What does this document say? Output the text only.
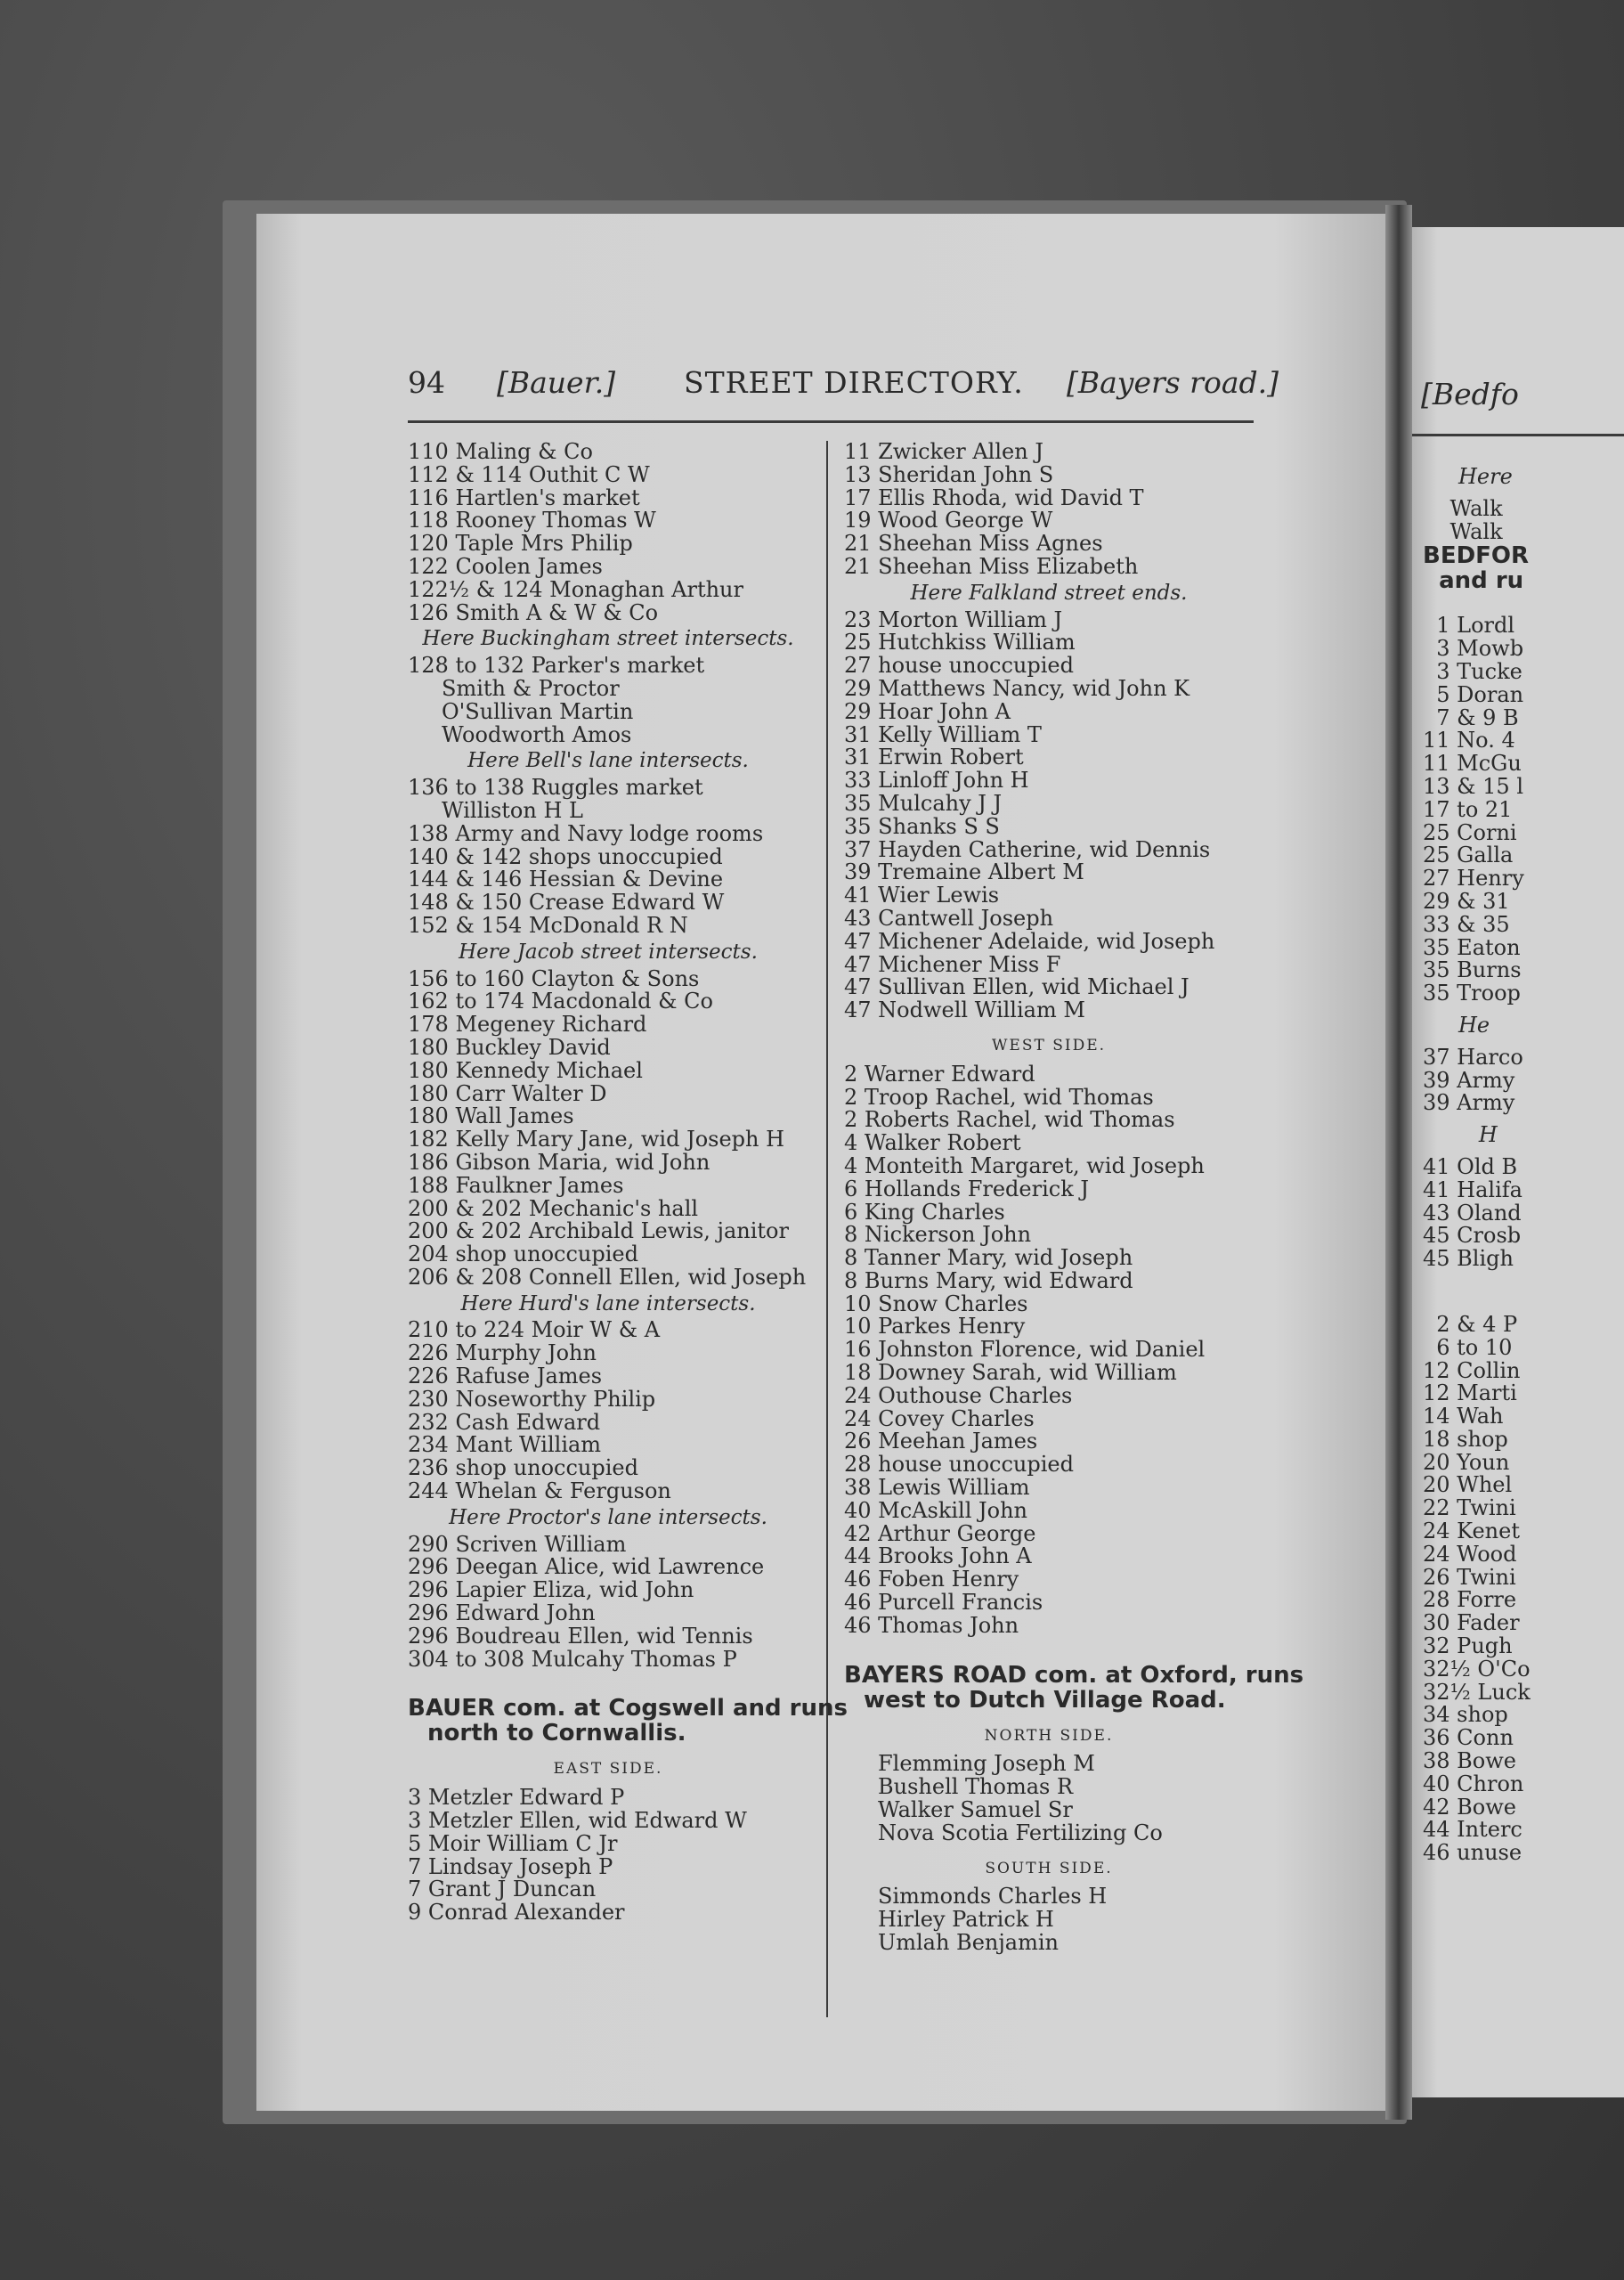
94 [Bauer.] STREET DIRECTORY. [Bayers road.]
110 Maling & Co
112 & 114 Outhit C W
116 Hartlen's market
118 Rooney Thomas W
120 Taple Mrs Philip
122 Coolen James
122½ & 124 Monaghan Arthur
126 Smith A & W & Co
Here Buckingham street intersects.
128 to 132 Parker's market
Smith & Proctor
O'Sullivan Martin
Woodworth Amos
Here Bell's lane intersects.
136 to 138 Ruggles market
Williston H L
138 Army and Navy lodge rooms
140 & 142 shops unoccupied
144 & 146 Hessian & Devine
148 & 150 Crease Edward W
152 & 154 McDonald R N
Here Jacob street intersects.
156 to 160 Clayton & Sons
162 to 174 Macdonald & Co
178 Megeney Richard
180 Buckley David
180 Kennedy Michael
180 Carr Walter D
180 Wall James
182 Kelly Mary Jane, wid Joseph H
186 Gibson Maria, wid John
188 Faulkner James
200 & 202 Mechanic's hall
200 & 202 Archibald Lewis, janitor
204 shop unoccupied
206 & 208 Connell Ellen, wid Joseph
Here Hurd's lane intersects.
210 to 224 Moir W & A
226 Murphy John
226 Rafuse James
230 Noseworthy Philip
232 Cash Edward
234 Mant William
236 shop unoccupied
244 Whelan & Ferguson
Here Proctor's lane intersects.
290 Scriven William
296 Deegan Alice, wid Lawrence
296 Lapier Eliza, wid John
296 Edward John
296 Boudreau Ellen, wid Tennis
304 to 308 Mulcahy Thomas P
BAUER com. at Cogswell and runs
north to Cornwallis.
EAST SIDE.
3 Metzler Edward P
3 Metzler Ellen, wid Edward W
5 Moir William C Jr
7 Lindsay Joseph P
7 Grant J Duncan
9 Conrad Alexander
11 Zwicker Allen J
13 Sheridan John S
17 Ellis Rhoda, wid David T
19 Wood George W
21 Sheehan Miss Agnes
21 Sheehan Miss Elizabeth
Here Falkland street ends.
23 Morton William J
25 Hutchkiss William
27 house unoccupied
29 Matthews Nancy, wid John K
29 Hoar John A
31 Kelly William T
31 Erwin Robert
33 Linloff John H
35 Mulcahy J J
35 Shanks S S
37 Hayden Catherine, wid Dennis
39 Tremaine Albert M
41 Wier Lewis
43 Cantwell Joseph
47 Michener Adelaide, wid Joseph
47 Michener Miss F
47 Sullivan Ellen, wid Michael J
47 Nodwell William M
WEST SIDE.
2 Warner Edward
2 Troop Rachel, wid Thomas
2 Roberts Rachel, wid Thomas
4 Walker Robert
4 Monteith Margaret, wid Joseph
6 Hollands Frederick J
6 King Charles
8 Nickerson John
8 Tanner Mary, wid Joseph
8 Burns Mary, wid Edward
10 Snow Charles
10 Parkes Henry
16 Johnston Florence, wid Daniel
18 Downey Sarah, wid William
24 Outhouse Charles
24 Covey Charles
26 Meehan James
28 house unoccupied
38 Lewis William
40 McAskill John
42 Arthur George
44 Brooks John A
46 Foben Henry
46 Purcell Francis
46 Thomas John
BAYERS ROAD com. at Oxford, runs
west to Dutch Village Road.
NORTH SIDE.
Flemming Joseph M
Bushell Thomas R
Walker Samuel Sr
Nova Scotia Fertilizing Co
SOUTH SIDE.
Simmonds Charles H
Hirley Patrick H
Umlah Benjamin
[Bedfo
Here
Walk
Walk
BEDFOR
and ru
1 Lordl
3 Mowb
3 Tucke
5 Doran
7 & 9 B
11 No. 4
11 McGu
13 & 15 l
17 to 21
25 Corni
25 Galla
27 Henry
29 & 31
33 & 35
35 Eaton
35 Burns
35 Troop
He
37 Harco
39 Army
39 Army
H
41 Old B
41 Halifa
43 Oland
45 Crosb
45 Bligh
2 & 4 P
6 to 10
12 Collin
12 Marti
14 Wah
18 shop
20 Youn
20 Whel
22 Twini
24 Kenet
24 Wood
26 Twini
28 Forre
30 Fader
32 Pugh
32½ O'Co
32½ Luck
34 shop
36 Conn
38 Bowe
40 Chron
42 Bowe
44 Interc
46 unuse
